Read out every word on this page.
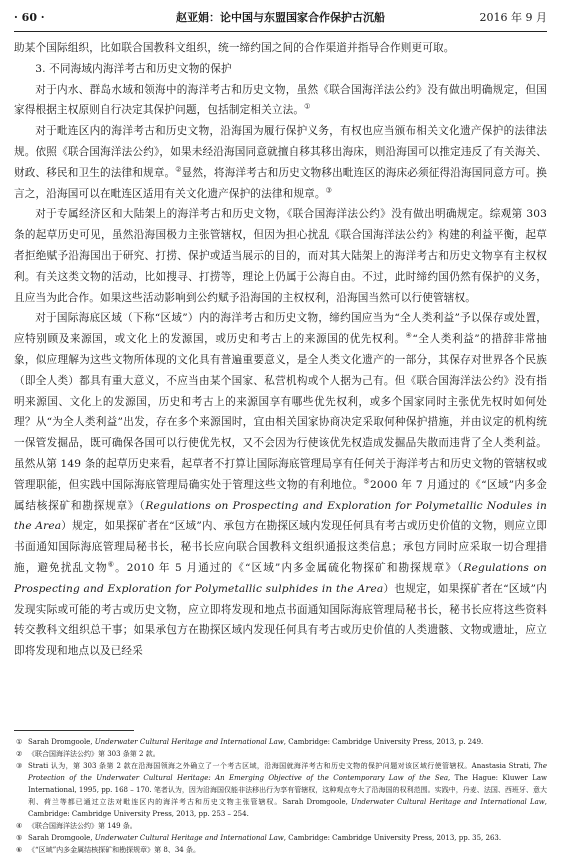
· 60 ·	赵亚娟：论中国与东盟国家合作保护古沉船	2016 年 9 月

助某个国际组织，比如联合国教科文组织，统一缔约国之间的合作渠道并指导合作则更可取。

3. 不同海域内海洋考古和历史文物的保护

对于内水、群岛水域和领海中的海洋考古和历史文物，虽然《联合国海洋法公约》没有做出明确规定，但国家得根据主权原则自行决定其保护问题，包括制定相关立法。①

对于毗连区内的海洋考古和历史文物，沿海国为履行保护义务，有权也应当颁布相关文化遗产保护的法律法规。依照《联合国海洋法公约》，如果未经沿海国同意就擅自移其移出海床，则沿海国可以推定违反了有关海关、财政、移民和卫生的法律和规章。②显然，将海洋考古和历史文物移出毗连区的海床必须征得沿海国同意方可。换言之，沿海国可以在毗连区适用有关文化遗产保护的法律和规章。③

对于专属经济区和大陆架上的海洋考古和历史文物，《联合国海洋法公约》没有做出明确规定。综观第 303 条的起草历史可见，虽然沿海国极力主张管辖权，但因为担心扰乱《联合国海洋法公约》构建的利益平衡，起草者拒绝赋予沿海国出于研究、打捞、保护或适当展示的目的，而对其大陆架上的海洋考古和历史文物享有主权权利。有关这类文物的活动，比如搜寻、打捞等，理论上仍属于公海自由。不过，此时缔约国仍然有保护的义务，且应当为此合作。如果这些活动影响到公约赋予沿海国的主权权利，沿海国当然可以行使管辖权。

对于国际海底区域（下称“区域”）内的海洋考古和历史文物，缔约国应当为“全人类利益”予以保存或处置，应特别顾及来源国，或文化上的发源国，或历史和考古上的来源国的优先权利。④“全人类利益”的措辞非常抽象，似应理解为这些文物所体现的文化具有普遍重要意义，是全人类文化遗产的一部分，其保存对世界各个民族（即全人类）都具有重大意义，不应当由某个国家、私营机构或个人据为己有。但《联合国海洋法公约》没有指明来源国、文化上的发源国，历史和考古上的来源国享有哪些优先权利，或多个国家同时主张优先权时如何处理？从“为全人类利益”出发，存在多个来源国时，宜由相关国家协商决定采取何种保护措施，并由议定的机构统一保管发掘品，既可确保各国可以行使优先权，又不会因为行使该优先权造成发掘品失散而违背了全人类利益。虽然从第 149 条的起草历史来看，起草者不打算让国际海底管理局享有任何关于海洋考古和历史文物的管辖权或管理职能，但实践中国际海底管理局确实处于管理这些文物的有利地位。⑤2000 年 7 月通过的《“区域”内多金属结核探矿和勘探规章》（Regulations on Prospecting and Exploration for Polymetallic Nodules in the Area）规定，如果探矿者在“区域”内、承包方在勘探区域内发现任何具有考古或历史价值的文物，则应立即书面通知国际海底管理局秘书长，秘书长应向联合国教科文组织通报这类信息；承包方同时应采取一切合理措施，避免扰乱文物⑥。2010 年 5 月通过的《“区域”内多金属硫化物探矿和勘探规章》（Regulations on Prospecting and Exploration for Polymetallic sulphides in the Area）也规定，如果探矿者在“区域”内发现实际或可能的考古或历史文物，应立即将发现和地点书面通知国际海底管理局秘书长，秘书长应将这些资料转交教科文组织总干事；如果承包方在勘探区域内发现任何具有考古或历史价值的人类遗骸、文物或遗址，应立即将发现和地点以及已经采

① Sarah Dromgoole, Underwater Cultural Heritage and International Law, Cambridge: Cambridge University Press, 2013, p. 249.
② 《联合国海洋法公约》第 303 条第 2 款。
③ Strati 认为，第 303 条第 2 款在沿海国领海之外确立了一个考古区域，沿海国就海洋考古和历史文物的保护问题对该区域行使管辖权。Anastasia Strati, The Protection of the Underwater Cultural Heritage: An Emerging Objective of the Contemporary Law of the Sea, The Hague: Kluwer Law International, 1995, pp. 168 – 170. 笔者认为，因为沿海国仅能非法移出行为享有管辖权，这种观点夸大了沿海国的权利范围。实践中，丹麦、法国、西班牙、意大利、荷兰等都已通过立法对毗连区内的海洋考古和历史文物主张管辖权。Sarah Dromgoole, Underwater Cultural Heritage and International Law, Cambridge: Cambridge University Press, 2013, pp. 253 – 254.
④ 《联合国海洋法公约》第 149 条。
⑤ Sarah Dromgoole, Underwater Cultural Heritage and International Law, Cambridge: Cambridge University Press, 2013, pp. 35, 263.
⑥ 《“区域”内多金属结核探矿和勘探规章》第 8、34 条。
